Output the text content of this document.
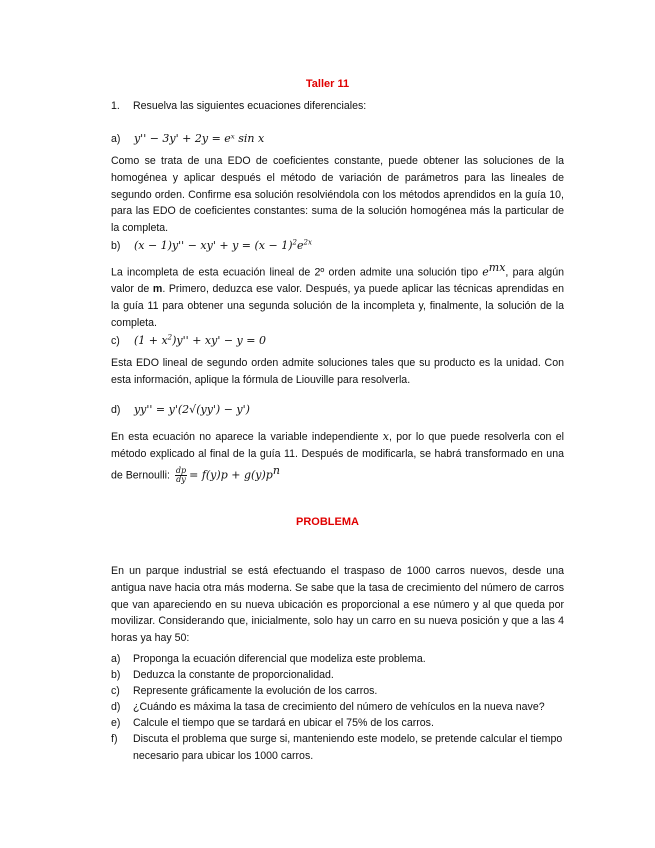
Taller 11
1. Resuelva las siguientes ecuaciones diferenciales:
a) y'' − 3y' + 2y = eˣ sin x
Como se trata de una EDO de coeficientes constante, puede obtener las soluciones de la homogénea y aplicar después el método de variación de parámetros para las lineales de segundo orden. Confirme esa solución resolviéndola con los métodos aprendidos en la guía 10, para las EDO de coeficientes constantes: suma de la solución homogénea más la particular de la completa.
b) $(x - 1)y'' - xy' + y = (x - 1)^2e^{2x}$
La incompleta de esta ecuación lineal de 2º orden admite una solución tipo $e^{mx}$, para algún valor de m. Primero, deduzca ese valor. Después, ya puede aplicar las técnicas aprendidas en la guía 11 para obtener una segunda solución de la incompleta y, finalmente, la solución de la completa.
c) $(1 + x^2)y'' + xy' - y = 0$
Esta EDO lineal de segundo orden admite soluciones tales que su producto es la unidad. Con esta información, aplique la fórmula de Liouville para resolverla.
d) yy'' = y'(2√(yy') − y')
En esta ecuación no aparece la variable independiente x, por lo que puede resolverla con el método explicado al final de la guía 11. Después de modificarla, se habrá transformado en una de Bernoulli: $\frac{dp}{dy} = f(y)p + g(y)p^n$
PROBLEMA
En un parque industrial se está efectuando el traspaso de 1000 carros nuevos, desde una antigua nave hacia otra más moderna. Se sabe que la tasa de crecimiento del número de carros que van apareciendo en su nueva ubicación es proporcional a ese número y al que queda por movilizar. Considerando que, inicialmente, solo hay un carro en su nueva posición y que a las 4 horas ya hay 50:
a) Proponga la ecuación diferencial que modeliza este problema.
b) Deduzca la constante de proporcionalidad.
c) Represente gráficamente la evolución de los carros.
d) ¿Cuándo es máxima la tasa de crecimiento del número de vehículos en la nueva nave?
e) Calcule el tiempo que se tardará en ubicar el 75% de los carros.
f) Discuta el problema que surge si, manteniendo este modelo, se pretende calcular el tiempo necesario para ubicar los 1000 carros.
